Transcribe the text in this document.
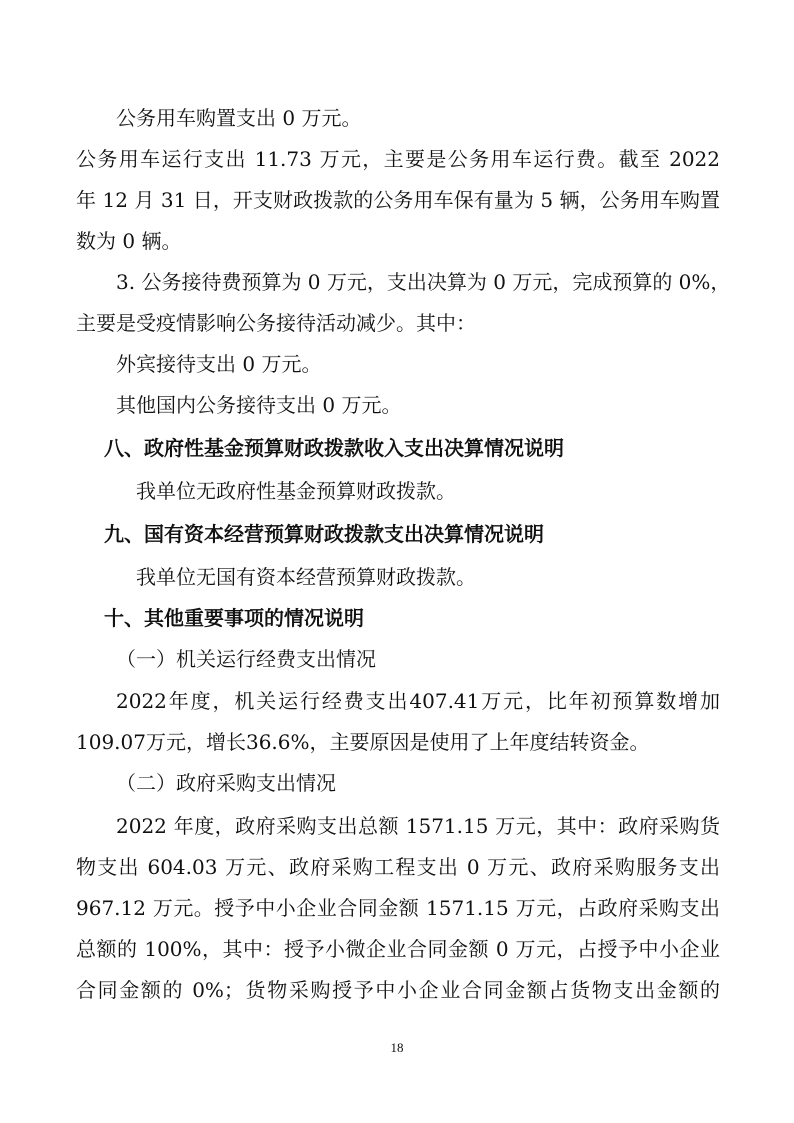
公务用车购置支出 0 万元。
公务用车运行支出 11.73 万元，主要是公务用车运行费。截至 2022
年 12 月 31 日，开支财政拨款的公务用车保有量为 5 辆，公务用车购置
数为 0 辆。
3. 公务接待费预算为 0 万元，支出决算为 0 万元，完成预算的 0%，
主要是受疫情影响公务接待活动减少。其中：
外宾接待支出 0 万元。
其他国内公务接待支出 0 万元。
八、政府性基金预算财政拨款收入支出决算情况说明
我单位无政府性基金预算财政拨款。
九、国有资本经营预算财政拨款支出决算情况说明
我单位无国有资本经营预算财政拨款。
十、其他重要事项的情况说明
（一）机关运行经费支出情况
2022年度，机关运行经费支出407.41万元，比年初预算数增加
109.07万元，增长36.6%，主要原因是使用了上年度结转资金。
（二）政府采购支出情况
2022 年度，政府采购支出总额 1571.15 万元，其中：政府采购货
物支出 604.03 万元、政府采购工程支出 0 万元、政府采购服务支出
967.12 万元。授予中小企业合同金额 1571.15 万元，占政府采购支出
总额的 100%，其中：授予小微企业合同金额 0 万元，占授予中小企业
合同金额的 0%；货物采购授予中小企业合同金额占货物支出金额的
18
